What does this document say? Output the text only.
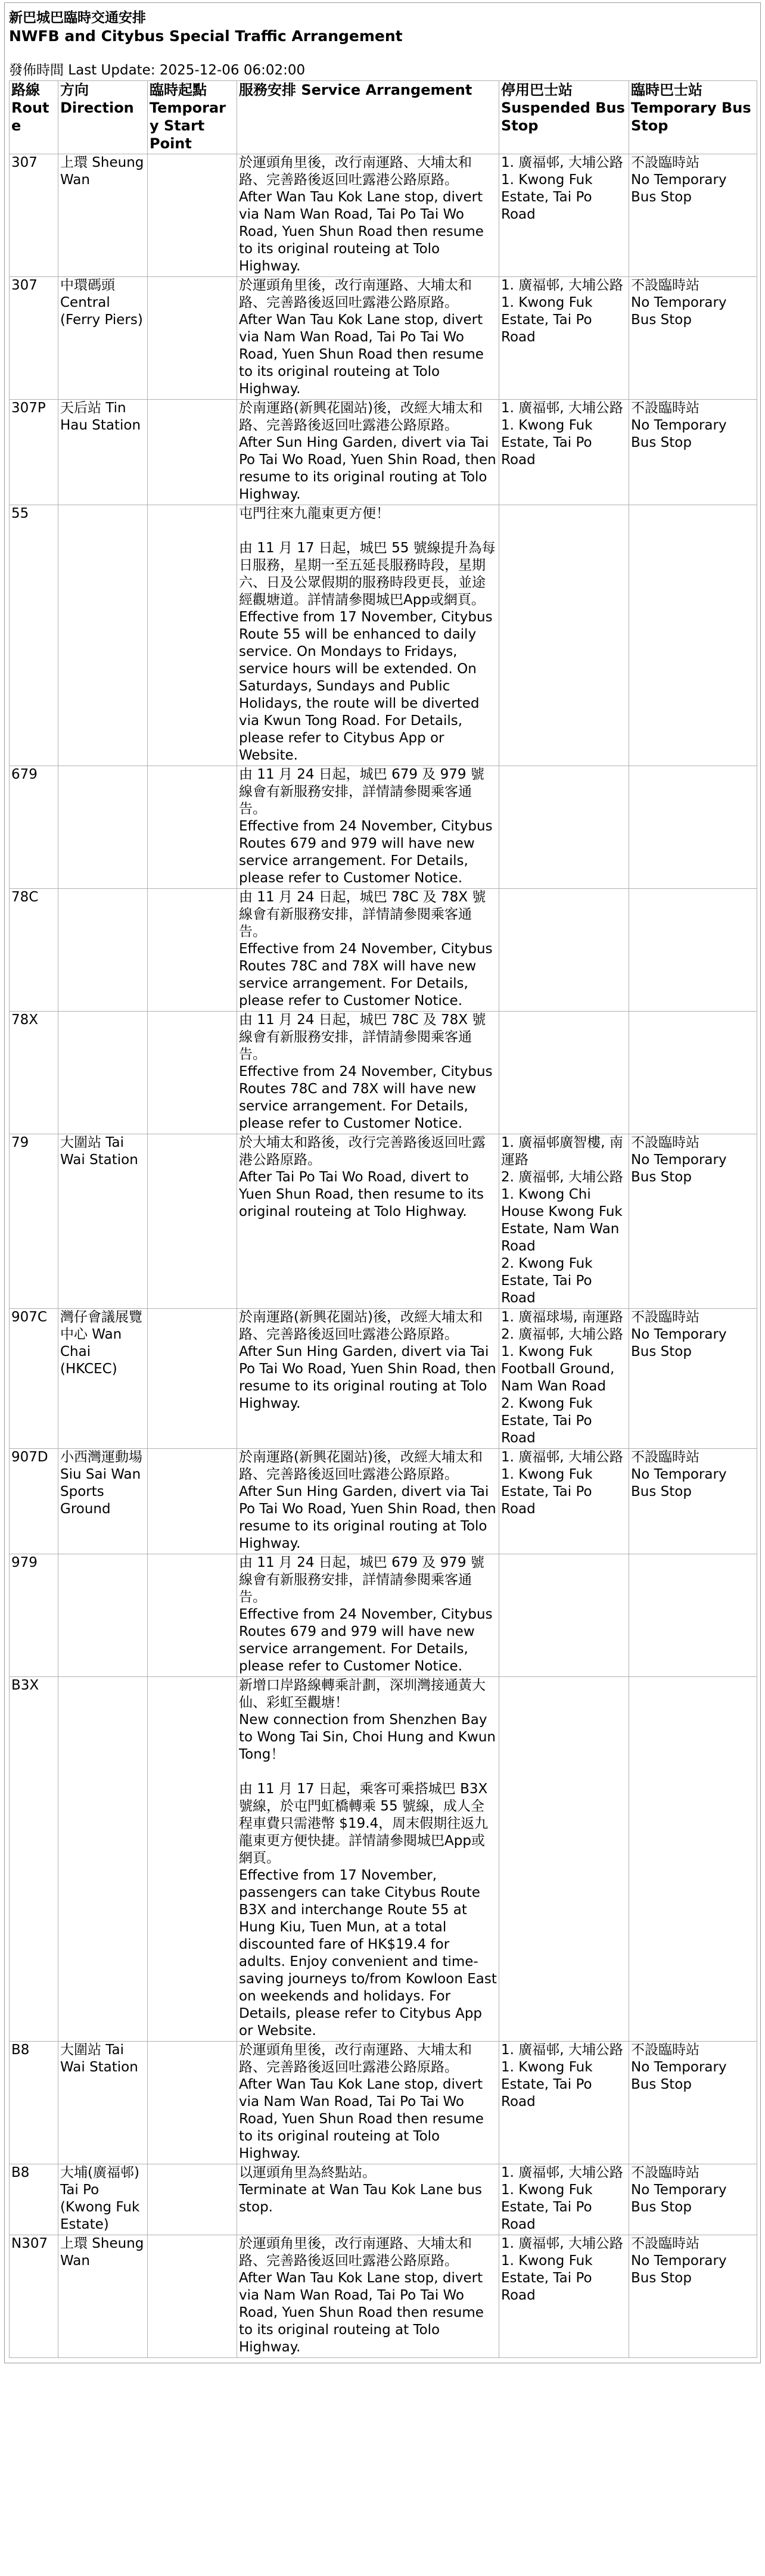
新巴城巴臨時交通安排
NWFB and Citybus Special Traffic Arrangement
發佈時間 Last Update: 2025-12-06 06:02:00
路線 Route	方向 Direction	臨時起點 Temporary Start Point	服務安排 Service Arrangement	停用巴士站 Suspended Bus Stop	臨時巴士站 Temporary Bus Stop
307	上環 Sheung Wan		於運頭角里後，改行南運路、大埔太和路、完善路後返回吐露港公路原路。
After Wan Tau Kok Lane stop, divert via Nam Wan Road, Tai Po Tai Wo Road, Yuen Shun Road then resume to its original routeing at Tolo Highway.	1. 廣福邨, 大埔公路
1. Kwong Fuk Estate, Tai Po Road	不設臨時站
No Temporary Bus Stop
307	中環碼頭 Central (Ferry Piers)		於運頭角里後，改行南運路、大埔太和路、完善路後返回吐露港公路原路。
After Wan Tau Kok Lane stop, divert via Nam Wan Road, Tai Po Tai Wo Road, Yuen Shun Road then resume to its original routeing at Tolo Highway.	1. 廣福邨, 大埔公路
1. Kwong Fuk Estate, Tai Po Road	不設臨時站
No Temporary Bus Stop
307P	天后站 Tin Hau Station		於南運路(新興花園站)後，改經大埔太和路、完善路後返回吐露港公路原路。
After Sun Hing Garden, divert via Tai Po Tai Wo Road, Yuen Shin Road, then resume to its original routing at Tolo Highway.	1. 廣福邨, 大埔公路
1. Kwong Fuk Estate, Tai Po Road	不設臨時站
No Temporary Bus Stop
55			屯門往來九龍東更方便！

由 11 月 17 日起，城巴 55 號線提升為每日服務，星期一至五延長服務時段，星期六、日及公眾假期的服務時段更長，並途經觀塘道。詳情請參閱城巴App或網頁。
Effective from 17 November, Citybus Route 55 will be enhanced to daily service. On Mondays to Fridays, service hours will be extended. On Saturdays, Sundays and Public Holidays, the route will be diverted via Kwun Tong Road. For Details, please refer to Citybus App or Website.		
679			由 11 月 24 日起，城巴 679 及 979 號線會有新服務安排，詳情請參閱乘客通告。
Effective from 24 November, Citybus Routes 679 and 979 will have new service arrangement. For Details, please refer to Customer Notice.		
78C			由 11 月 24 日起，城巴 78C 及 78X 號線會有新服務安排，詳情請參閱乘客通告。
Effective from 24 November, Citybus Routes 78C and 78X will have new service arrangement. For Details, please refer to Customer Notice.		
78X			由 11 月 24 日起，城巴 78C 及 78X 號線會有新服務安排，詳情請參閱乘客通告。
Effective from 24 November, Citybus Routes 78C and 78X will have new service arrangement. For Details, please refer to Customer Notice.		
79	大圍站 Tai Wai Station		於大埔太和路後，改行完善路後返回吐露港公路原路。
After Tai Po Tai Wo Road, divert to Yuen Shun Road, then resume to its original routeing at Tolo Highway.	1. 廣福邨廣智樓, 南運路
2. 廣福邨, 大埔公路
1. Kwong Chi House Kwong Fuk Estate, Nam Wan Road
2. Kwong Fuk Estate, Tai Po Road	不設臨時站
No Temporary Bus Stop
907C	灣仔會議展覽中心 Wan Chai (HKCEC)		於南運路(新興花園站)後，改經大埔太和路、完善路後返回吐露港公路原路。
After Sun Hing Garden, divert via Tai Po Tai Wo Road, Yuen Shin Road, then resume to its original routing at Tolo Highway.	1. 廣福球場, 南運路
2. 廣福邨, 大埔公路
1. Kwong Fuk Football Ground, Nam Wan Road
2. Kwong Fuk Estate, Tai Po Road	不設臨時站
No Temporary Bus Stop
907D	小西灣運動場 Siu Sai Wan Sports Ground		於南運路(新興花園站)後，改經大埔太和路、完善路後返回吐露港公路原路。
After Sun Hing Garden, divert via Tai Po Tai Wo Road, Yuen Shin Road, then resume to its original routing at Tolo Highway.	1. 廣福邨, 大埔公路
1. Kwong Fuk Estate, Tai Po Road	不設臨時站
No Temporary Bus Stop
979			由 11 月 24 日起，城巴 679 及 979 號線會有新服務安排，詳情請參閱乘客通告。
Effective from 24 November, Citybus Routes 679 and 979 will have new service arrangement. For Details, please refer to Customer Notice.		
B3X			新增口岸路線轉乘計劃，深圳灣接通黃大仙、彩虹至觀塘！
New connection from Shenzhen Bay to Wong Tai Sin, Choi Hung and Kwun Tong！

由 11 月 17 日起，乘客可乘搭城巴 B3X 號線，於屯門虹橋轉乘 55 號線，成人全程車費只需港幣 $19.4，周末假期往返九龍東更方便快捷。詳情請參閱城巴App或網頁。
Effective from 17 November, passengers can take Citybus Route B3X and interchange Route 55 at Hung Kiu, Tuen Mun, at a total discounted fare of HK$19.4 for adults. Enjoy convenient and time-saving journeys to/from Kowloon East on weekends and holidays. For Details, please refer to Citybus App or Website.		
B8	大圍站 Tai Wai Station		於運頭角里後，改行南運路、大埔太和路、完善路後返回吐露港公路原路。
After Wan Tau Kok Lane stop, divert via Nam Wan Road, Tai Po Tai Wo Road, Yuen Shun Road then resume to its original routeing at Tolo Highway.	1. 廣福邨, 大埔公路
1. Kwong Fuk Estate, Tai Po Road	不設臨時站
No Temporary Bus Stop
B8	大埔(廣福邨) Tai Po (Kwong Fuk Estate)		以運頭角里為終點站。
Terminate at Wan Tau Kok Lane bus stop.	1. 廣福邨, 大埔公路
1. Kwong Fuk Estate, Tai Po Road	不設臨時站
No Temporary Bus Stop
N307	上環 Sheung Wan		於運頭角里後，改行南運路、大埔太和路、完善路後返回吐露港公路原路。
After Wan Tau Kok Lane stop, divert via Nam Wan Road, Tai Po Tai Wo Road, Yuen Shun Road then resume to its original routeing at Tolo Highway.	1. 廣福邨, 大埔公路
1. Kwong Fuk Estate, Tai Po Road	不設臨時站
No Temporary Bus Stop
